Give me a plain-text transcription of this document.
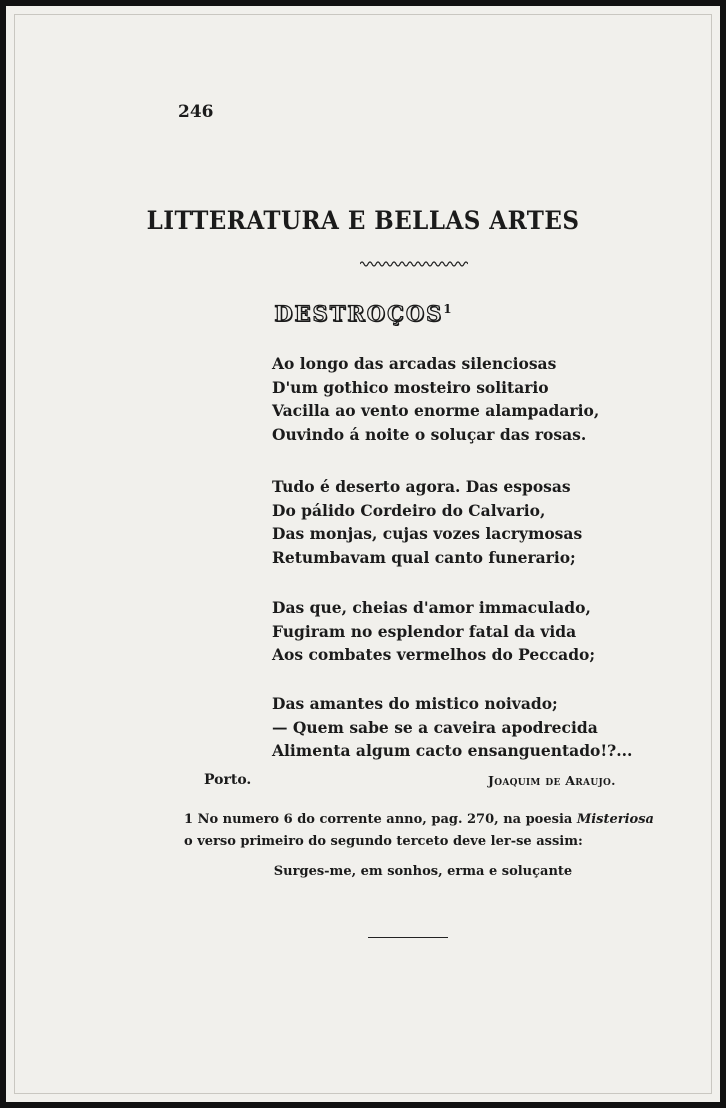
246
LITTERATURA E BELLAS ARTES
DESTROÇOS$^1$
Ao longo das arcadas silenciosas
D'um gothico mosteiro solitario
Vacilla ao vento enorme alampadario,
Ouvindo á noite o soluçar das rosas.
Tudo é deserto agora. Das esposas
Do pálido Cordeiro do Calvario,
Das monjas, cujas vozes lacrymosas
Retumbavam qual canto funerario;
Das que, cheias d'amor immaculado,
Fugiram no esplendor fatal da vida
Aos combates vermelhos do Peccado;
Das amantes do mistico noivado;
— Quem sabe se a caveira apodrecida
Alimenta algum cacto ensanguentado!?...
Porto.	Joaquim de Araujo.
1 No numero 6 do corrente anno, pag. 270, na poesia Misteriosa o verso primeiro do segundo terceto deve ler-se assim:
Surges-me, em sonhos, erma e soluçante
